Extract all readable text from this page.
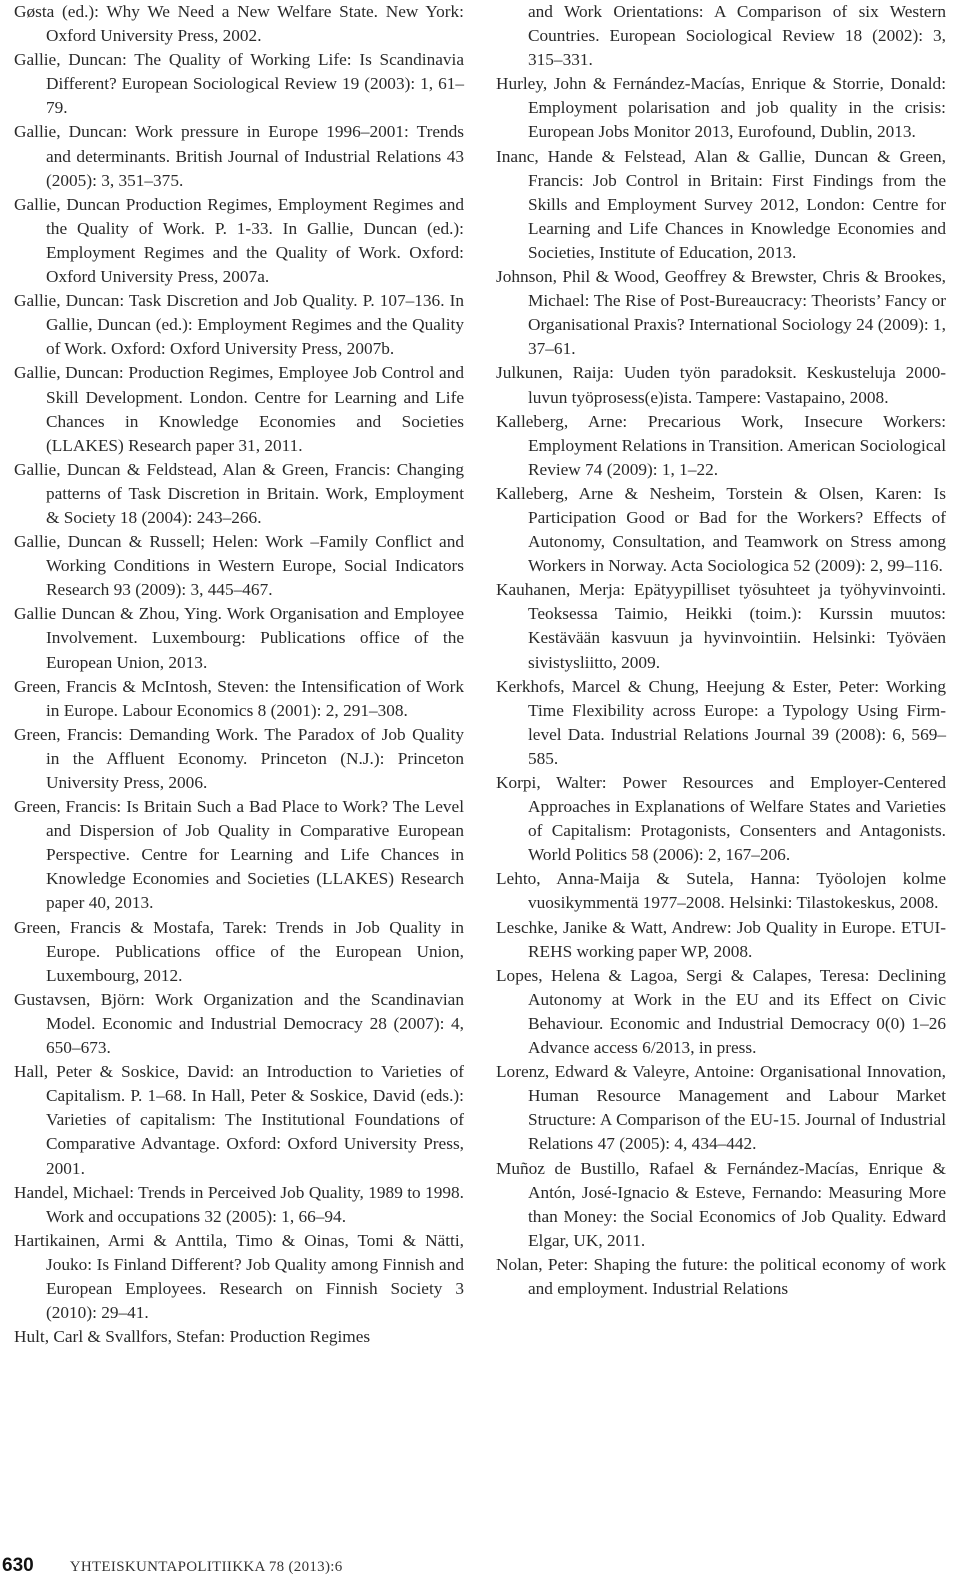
Gøsta (ed.): Why We Need a New Welfare State. New York: Oxford University Press, 2002.

Gallie, Duncan: The Quality of Working Life: Is Scandinavia Different? European Sociological Review 19 (2003): 1, 61–79.

Gallie, Duncan: Work pressure in Europe 1996–2001: Trends and determinants. British Journal of Industrial Relations 43 (2005): 3, 351–375.

Gallie, Duncan Production Regimes, Employment Regimes and the Quality of Work. P. 1-33. In Gallie, Duncan (ed.): Employment Regimes and the Quality of Work. Oxford: Oxford University Press, 2007a.

Gallie, Duncan: Task Discretion and Job Quality. P. 107–136. In Gallie, Duncan (ed.): Employment Regimes and the Quality of Work. Oxford: Oxford University Press, 2007b.

Gallie, Duncan: Production Regimes, Employee Job Control and Skill Development. London. Centre for Learning and Life Chances in Knowledge Economies and Societies (LLAKES) Research paper 31, 2011.

Gallie, Duncan & Feldstead, Alan & Green, Francis: Changing patterns of Task Discretion in Britain. Work, Employment & Society 18 (2004): 243–266.

Gallie, Duncan & Russell; Helen: Work –Family Conflict and Working Conditions in Western Europe, Social Indicators Research 93 (2009): 3, 445–467.

Gallie Duncan & Zhou, Ying. Work Organisation and Employee Involvement. Luxembourg: Publications office of the European Union, 2013.

Green, Francis & McIntosh, Steven: the Intensification of Work in Europe. Labour Economics 8 (2001): 2, 291–308.

Green, Francis: Demanding Work. The Paradox of Job Quality in the Affluent Economy. Princeton (N.J.): Princeton University Press, 2006.

Green, Francis: Is Britain Such a Bad Place to Work? The Level and Dispersion of Job Quality in Comparative European Perspective. Centre for Learning and Life Chances in Knowledge Economies and Societies (LLAKES) Research paper 40, 2013.

Green, Francis & Mostafa, Tarek: Trends in Job Quality in Europe. Publications office of the European Union, Luxembourg, 2012.

Gustavsen, Björn: Work Organization and the Scandinavian Model. Economic and Industrial Democracy 28 (2007): 4, 650–673.

Hall, Peter & Soskice, David: an Introduction to Varieties of Capitalism. P. 1–68. In Hall, Peter & Soskice, David (eds.): Varieties of capitalism: The Institutional Foundations of Comparative Advantage. Oxford: Oxford University Press, 2001.

Handel, Michael: Trends in Perceived Job Quality, 1989 to 1998. Work and occupations 32 (2005): 1, 66–94.

Hartikainen, Armi & Anttila, Timo & Oinas, Tomi & Nätti, Jouko: Is Finland Different? Job Quality among Finnish and European Employees. Research on Finnish Society 3 (2010): 29–41.

Hult, Carl & Svallfors, Stefan: Production Regimes

and Work Orientations: A Comparison of six Western Countries. European Sociological Review 18 (2002): 3, 315–331.

Hurley, John & Fernández-Macías, Enrique & Storrie, Donald: Employment polarisation and job quality in the crisis: European Jobs Monitor 2013, Eurofound, Dublin, 2013.

Inanc, Hande & Felstead, Alan & Gallie, Duncan & Green, Francis: Job Control in Britain: First Findings from the Skills and Employment Survey 2012, London: Centre for Learning and Life Chances in Knowledge Economies and Societies, Institute of Education, 2013.

Johnson, Phil & Wood, Geoffrey & Brewster, Chris & Brookes, Michael: The Rise of Post-Bureaucracy: Theorists’ Fancy or Organisational Praxis? International Sociology 24 (2009): 1, 37–61.

Julkunen, Raija: Uuden työn paradoksit. Keskusteluja 2000-luvun työprosess(e)ista. Tampere: Vastapaino, 2008.

Kalleberg, Arne: Precarious Work, Insecure Workers: Employment Relations in Transition. American Sociological Review 74 (2009): 1, 1–22.

Kalleberg, Arne & Nesheim, Torstein & Olsen, Karen: Is Participation Good or Bad for the Workers? Effects of Autonomy, Consultation, and Teamwork on Stress among Workers in Norway. Acta Sociologica 52 (2009): 2, 99–116.

Kauhanen, Merja: Epätyypilliset työsuhteet ja työhyvinvointi. Teoksessa Taimio, Heikki (toim.): Kurssin muutos: Kestävään kasvuun ja hyvinvointiin. Helsinki: Työväen sivistysliitto, 2009.

Kerkhofs, Marcel & Chung, Heejung & Ester, Peter: Working Time Flexibility across Europe: a Typology Using Firm-level Data. Industrial Relations Journal 39 (2008): 6, 569–585.

Korpi, Walter: Power Resources and Employer-Centered Approaches in Explanations of Welfare States and Varieties of Capitalism: Protagonists, Consenters and Antagonists. World Politics 58 (2006): 2, 167–206.

Lehto, Anna-Maija & Sutela, Hanna: Työolojen kolme vuosikymmentä 1977–2008. Helsinki: Tilastokeskus, 2008.

Leschke, Janike & Watt, Andrew: Job Quality in Europe. ETUI-REHS working paper WP, 2008.

Lopes, Helena & Lagoa, Sergi & Calapes, Teresa: Declining Autonomy at Work in the EU and its Effect on Civic Behaviour. Economic and Industrial Democracy 0(0) 1–26 Advance access 6/2013, in press.

Lorenz, Edward & Valeyre, Antoine: Organisational Innovation, Human Resource Management and Labour Market Structure: A Comparison of the EU-15. Journal of Industrial Relations 47 (2005): 4, 434–442.

Muñoz de Bustillo, Rafael & Fernández-Macías, Enrique & Antón, José-Ignacio & Esteve, Fernando: Measuring More than Money: the Social Economics of Job Quality. Edward Elgar, UK, 2011.

Nolan, Peter: Shaping the future: the political economy of work and employment. Industrial Relations

630 YHTEISKUNTAPOLITIIKKA 78 (2013):6
